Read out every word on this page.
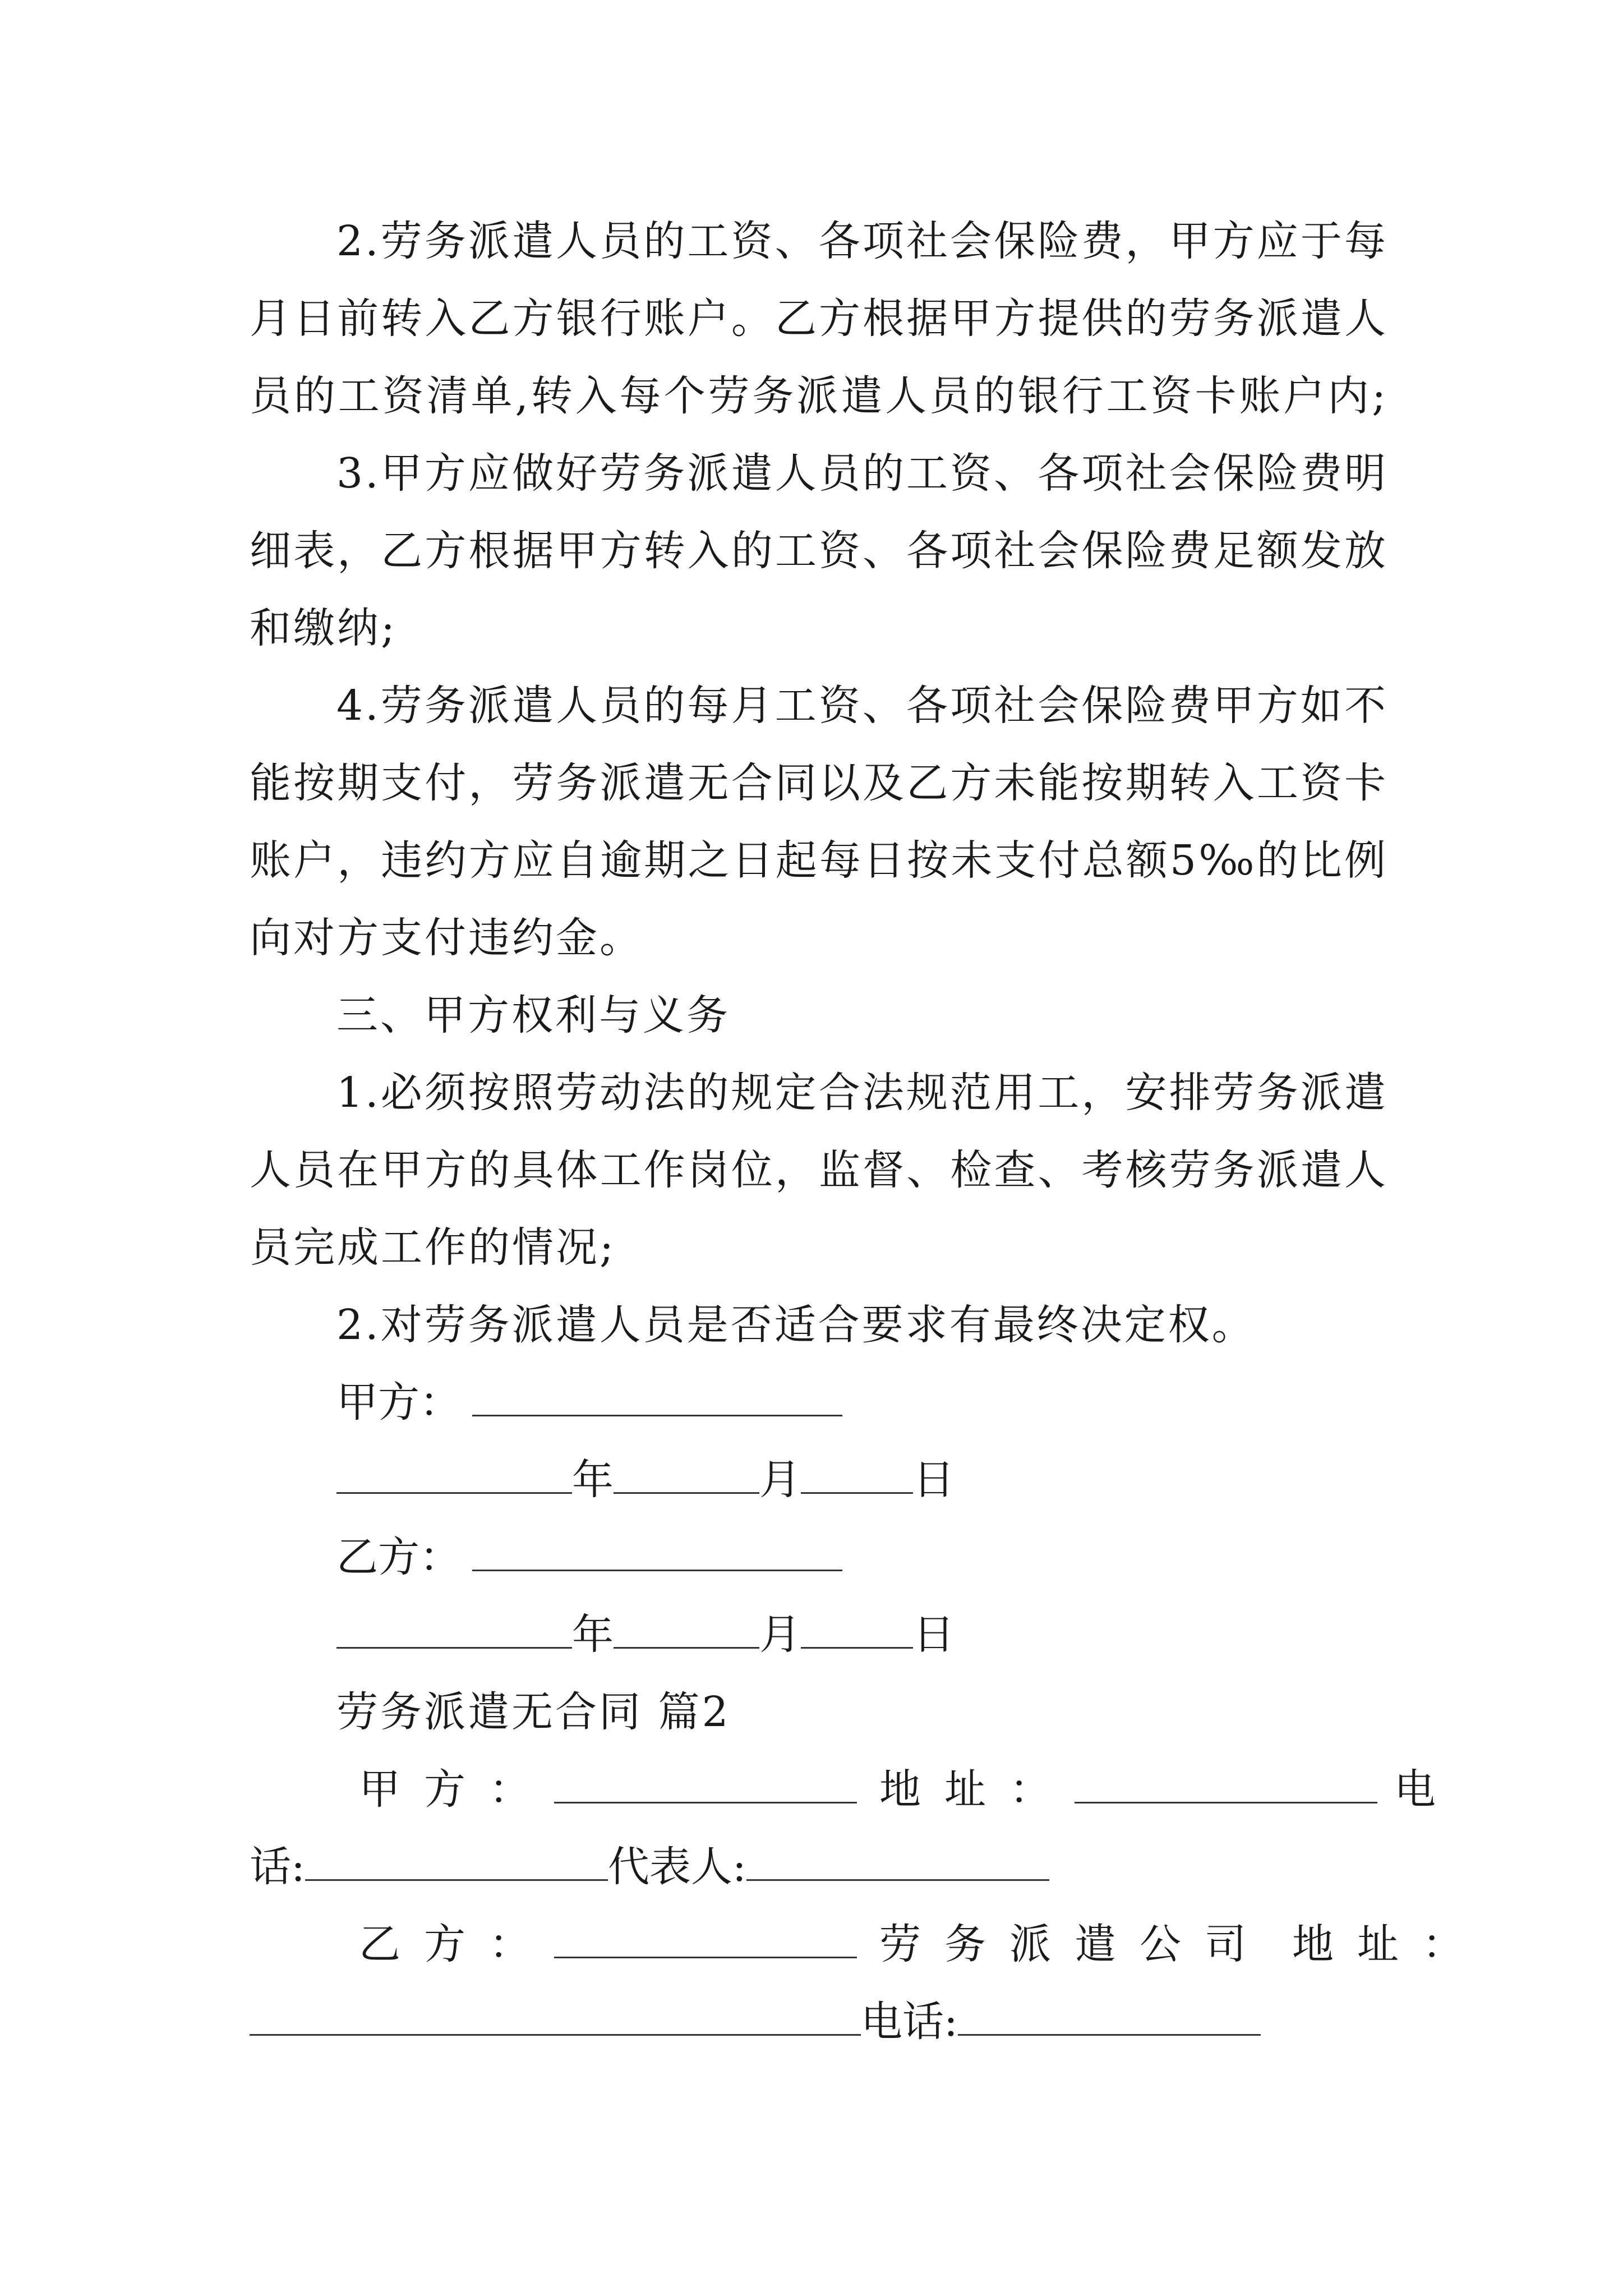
2.劳务派遣人员的工资、各项社会保险费，甲方应于每
月日前转入乙方银行账户。乙方根据甲方提供的劳务派遣人
员的工资清单,转入每个劳务派遣人员的银行工资卡账户内;
3.甲方应做好劳务派遣人员的工资、各项社会保险费明
细表，乙方根据甲方转入的工资、各项社会保险费足额发放
和缴纳;
4.劳务派遣人员的每月工资、各项社会保险费甲方如不
能按期支付，劳务派遣无合同以及乙方未能按期转入工资卡
账户，违约方应自逾期之日起每日按未支付总额5‰的比例
向对方支付违约金。
三、甲方权利与义务
1.必须按照劳动法的规定合法规范用工，安排劳务派遣
人员在甲方的具体工作岗位，监督、检查、考核劳务派遣人
员完成工作的情况;
2.对劳务派遣人员是否适合要求有最终决定权。
甲方：
年	月	日
乙方：
年	月	日
劳务派遣无合同 篇2
甲方：	地址：	电
话:	代表人:
乙方：	劳务派遣公司 地址：
电话:
